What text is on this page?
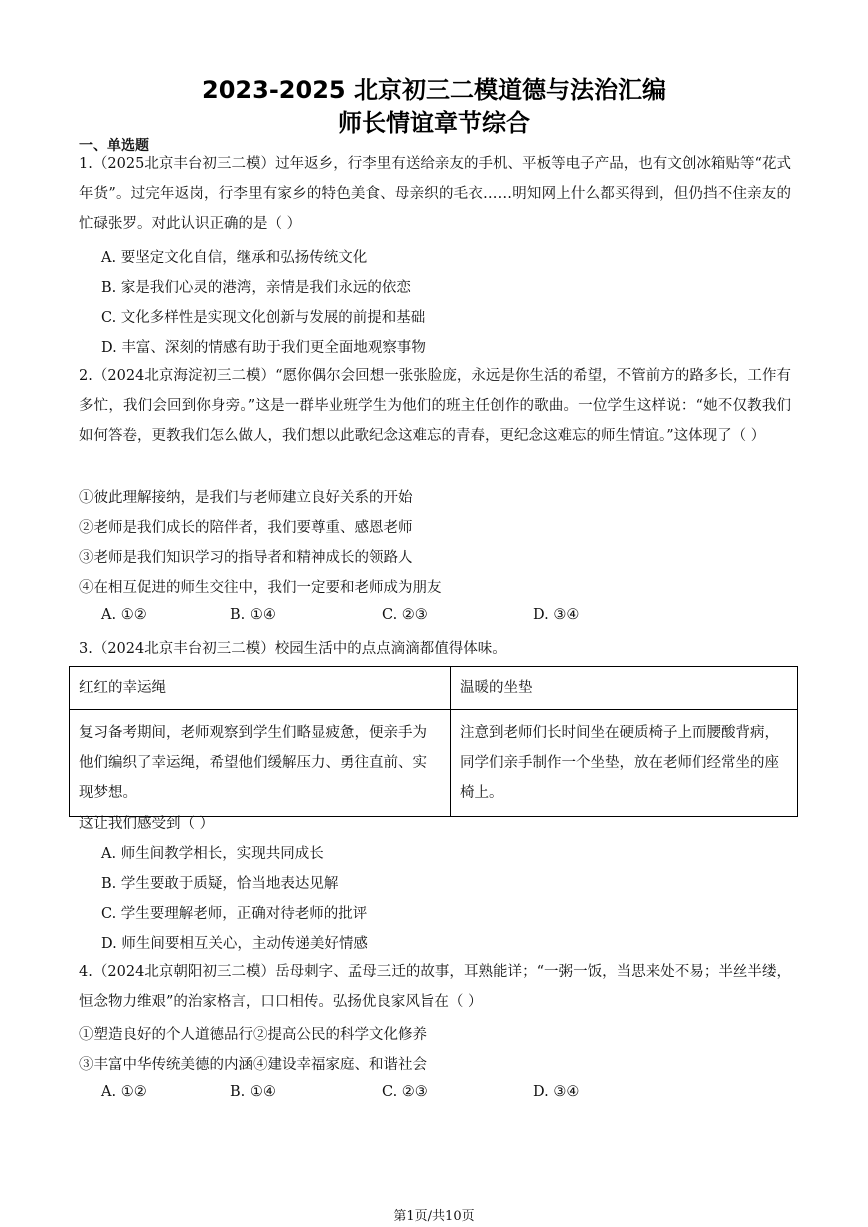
2023-2025 北京初三二模道德与法治汇编
师长情谊章节综合
一、单选题
1.（2025北京丰台初三二模）过年返乡，行李里有送给亲友的手机、平板等电子产品，也有文创冰箱贴等“花式年货”。过完年返岗，行李里有家乡的特色美食、母亲织的毛衣……明知网上什么都买得到，但仍挡不住亲友的忙碌张罗。对此认识正确的是（ ）
A. 要坚定文化自信，继承和弘扬传统文化
B. 家是我们心灵的港湾，亲情是我们永远的依恋
C. 文化多样性是实现文化创新与发展的前提和基础
D. 丰富、深刻的情感有助于我们更全面地观察事物
2.（2024北京海淀初三二模）“愿你偶尔会回想一张张脸庞，永远是你生活的希望，不管前方的路多长，工作有多忙，我们会回到你身旁。”这是一群毕业班学生为他们的班主任创作的歌曲。一位学生这样说：“她不仅教我们如何答卷，更教我们怎么做人，我们想以此歌纪念这难忘的青春，更纪念这难忘的师生情谊。”这体现了（ ）
①彼此理解接纳，是我们与老师建立良好关系的开始
②老师是我们成长的陪伴者，我们要尊重、感恩老师
③老师是我们知识学习的指导者和精神成长的领路人
④在相互促进的师生交往中，我们一定要和老师成为朋友
A. ①②	B. ①④	C. ②③	D. ③④
3.（2024北京丰台初三二模）校园生活中的点点滴滴都值得体味。
红红的幸运绳	温暖的坐垫
复习备考期间，老师观察到学生们略显疲惫，便亲手为他们编织了幸运绳，希望他们缓解压力、勇往直前、实现梦想。	注意到老师们长时间坐在硬质椅子上而腰酸背病，同学们亲手制作一个坐垫，放在老师们经常坐的座椅上。
这让我们感受到（ ）
A. 师生间教学相长，实现共同成长
B. 学生要敢于质疑，恰当地表达见解
C. 学生要理解老师，正确对待老师的批评
D. 师生间要相互关心，主动传递美好情感
4.（2024北京朝阳初三二模）岳母刺字、孟母三迁的故事，耳熟能详；“一粥一饭，当思来处不易；半丝半缕，恒念物力维艰”的治家格言，口口相传。弘扬优良家风旨在（ ）
①塑造良好的个人道德品行②提高公民的科学文化修养
③丰富中华传统美德的内涵④建设幸福家庭、和谐社会
A. ①②	B. ①④	C. ②③	D. ③④
第1页/共10页
